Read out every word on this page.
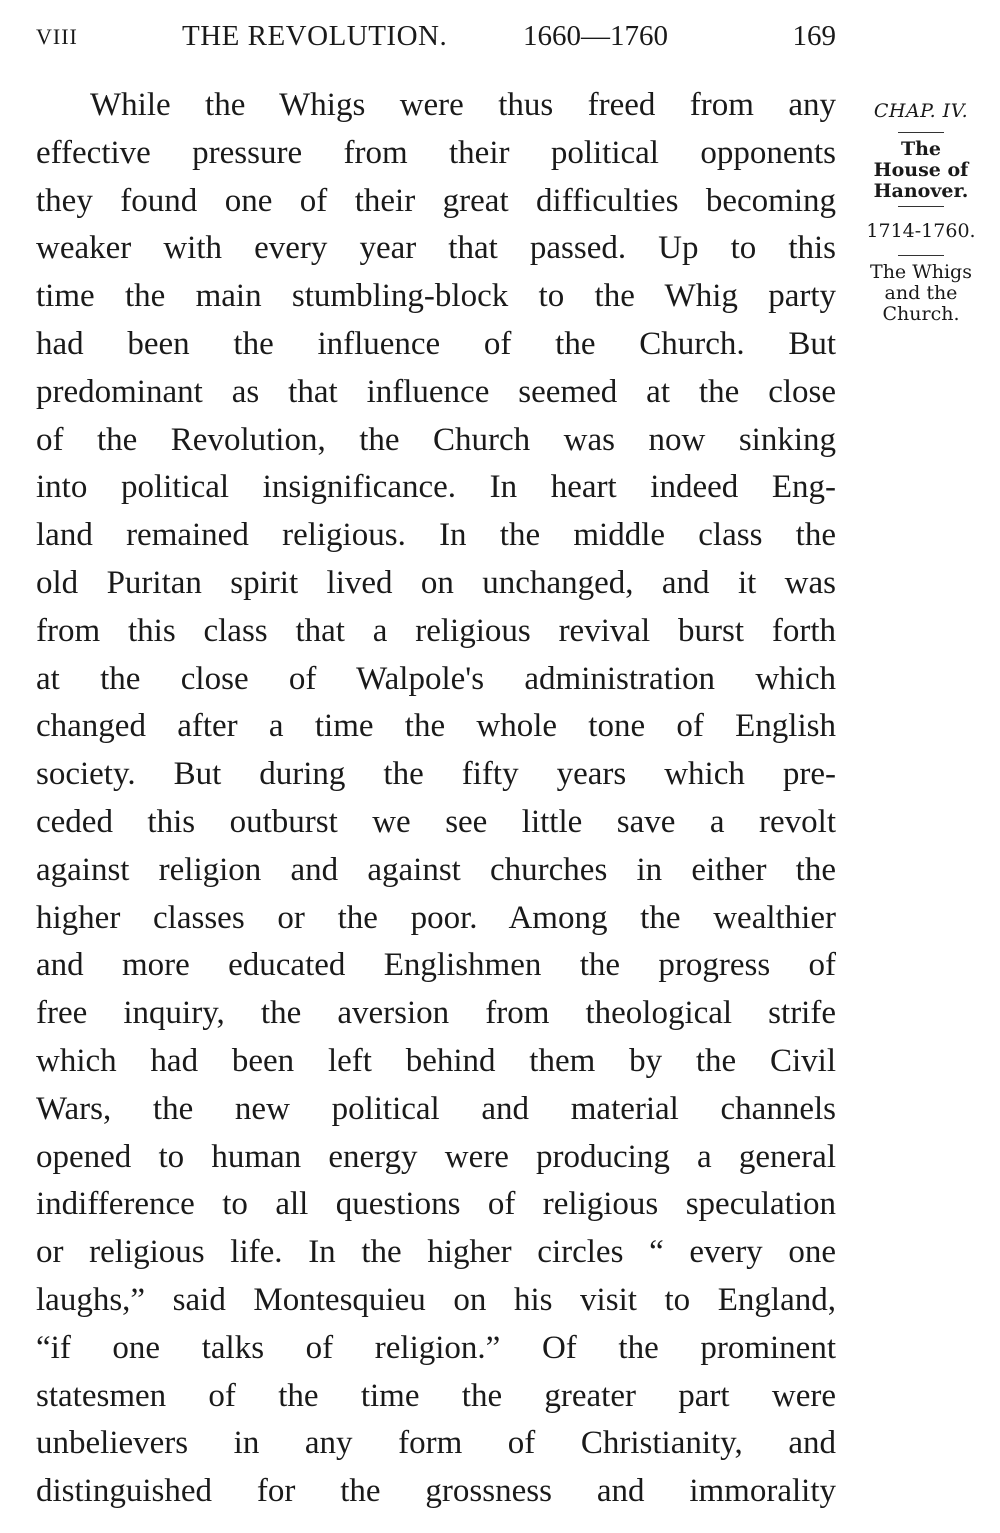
VIII	THE REVOLUTION.	1660—1760	169
While the Whigs were thus freed from any
effective pressure from their political opponents
they found one of their great difficulties becoming
weaker with every year that passed. Up to this
time the main stumbling-block to the Whig party
had been the influence of the Church. But
predominant as that influence seemed at the close
of the Revolution, the Church was now sinking
into political insignificance. In heart indeed Eng-
land remained religious. In the middle class the
old Puritan spirit lived on unchanged, and it was
from this class that a religious revival burst forth
at the close of Walpole's administration which
changed after a time the whole tone of English
society. But during the fifty years which pre-
ceded this outburst we see little save a revolt
against religion and against churches in either the
higher classes or the poor. Among the wealthier
and more educated Englishmen the progress of
free inquiry, the aversion from theological strife
which had been left behind them by the Civil
Wars, the new political and material channels
opened to human energy were producing a general
indifference to all questions of religious speculation
or religious life. In the higher circles “ every one
laughs,” said Montesquieu on his visit to England,
“if one talks of religion.” Of the prominent
statesmen of the time the greater part were
unbelievers in any form of Christianity, and
distinguished for the grossness and immorality
CHAP. IV.
The
House of
Hanover.
1714-1760.
The Whigs
and the
Church.
